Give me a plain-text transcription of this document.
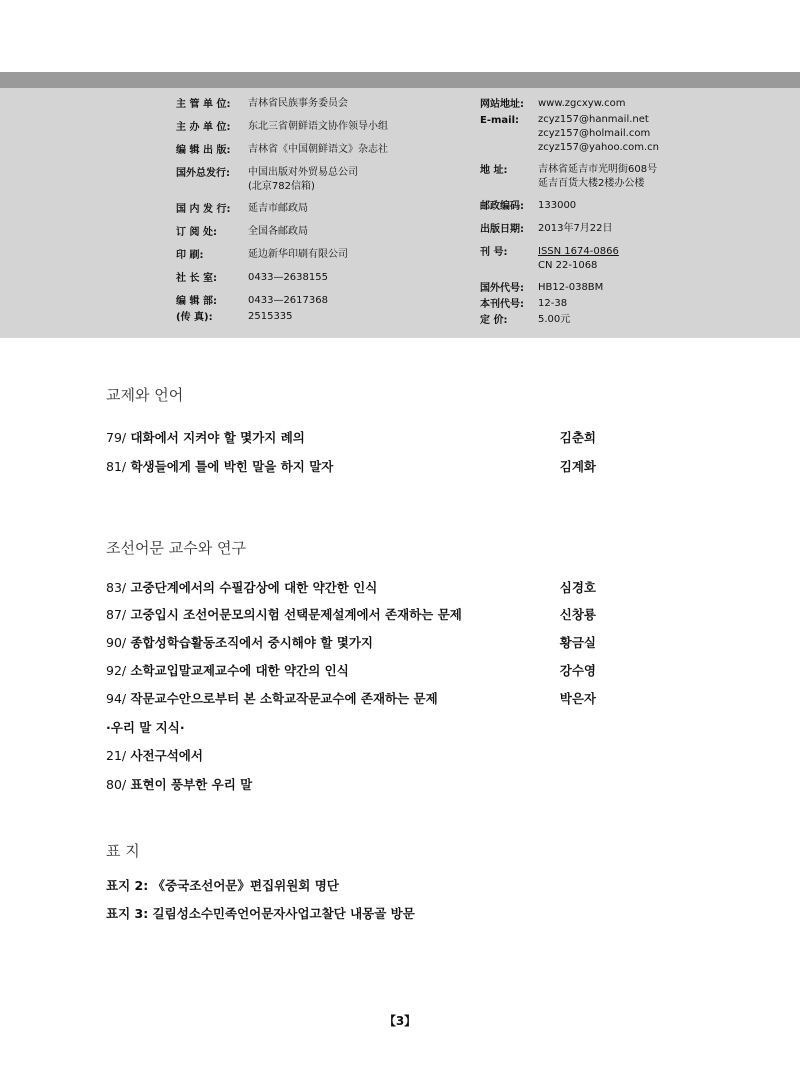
主 管 单 位:	吉林省民族事务委员会
主 办 单 位:	东北三省朝鲜语文协作领导小组
编 辑 出 版:	吉林省《中国朝鲜语文》杂志社
国外总发行:	中国出版对外贸易总公司
(北京782信箱)
国 内 发 行:	延吉市邮政局
订 阅 处:	全国各邮政局
印 刷:	延边新华印刷有限公司
社 长 室:	0433—2638155
编 辑 部:	0433—2617368
(传 真):	2515335
网站地址:	www.zgcxyw.com
E-mail:	zcyz157@hanmail.net
zcyz157@holmail.com
zcyz157@yahoo.com.cn
地 址:	吉林省延吉市光明街608号
延吉百货大楼2楼办公楼
邮政编码:	133000
出版日期:	2013年7月22日
刊 号:	ISSN 1674-0866
CN 22-1068
国外代号:	HB12-038BM
本刊代号:	12-38
定 价:	5.00元
교제와 언어
79/ 대화에서 지켜야 할 몇가지 례의	김춘희
81/ 학생들에게 틀에 박힌 말을 하지 말자	김계화
조선어문 교수와 연구
83/ 고중단계에서의 수필감상에 대한 약간한 인식	심경호
87/ 고중입시 조선어문모의시험 선택문제설계에서 존재하는 문제	신창룡
90/ 종합성학습활동조직에서 중시해야 할 몇가지	황금실
92/ 소학교입말교제교수에 대한 약간의 인식	강수영
94/ 작문교수안으로부터 본 소학교작문교수에 존재하는 문제	박은자
·우리 말 지식·
21/ 사전구석에서
80/ 표현이 풍부한 우리 말
표 지
표지 2: 《중국조선어문》편집위원회 명단
표지 3: 길림성소수민족언어문자사업고찰단 내몽골 방문
【3】
